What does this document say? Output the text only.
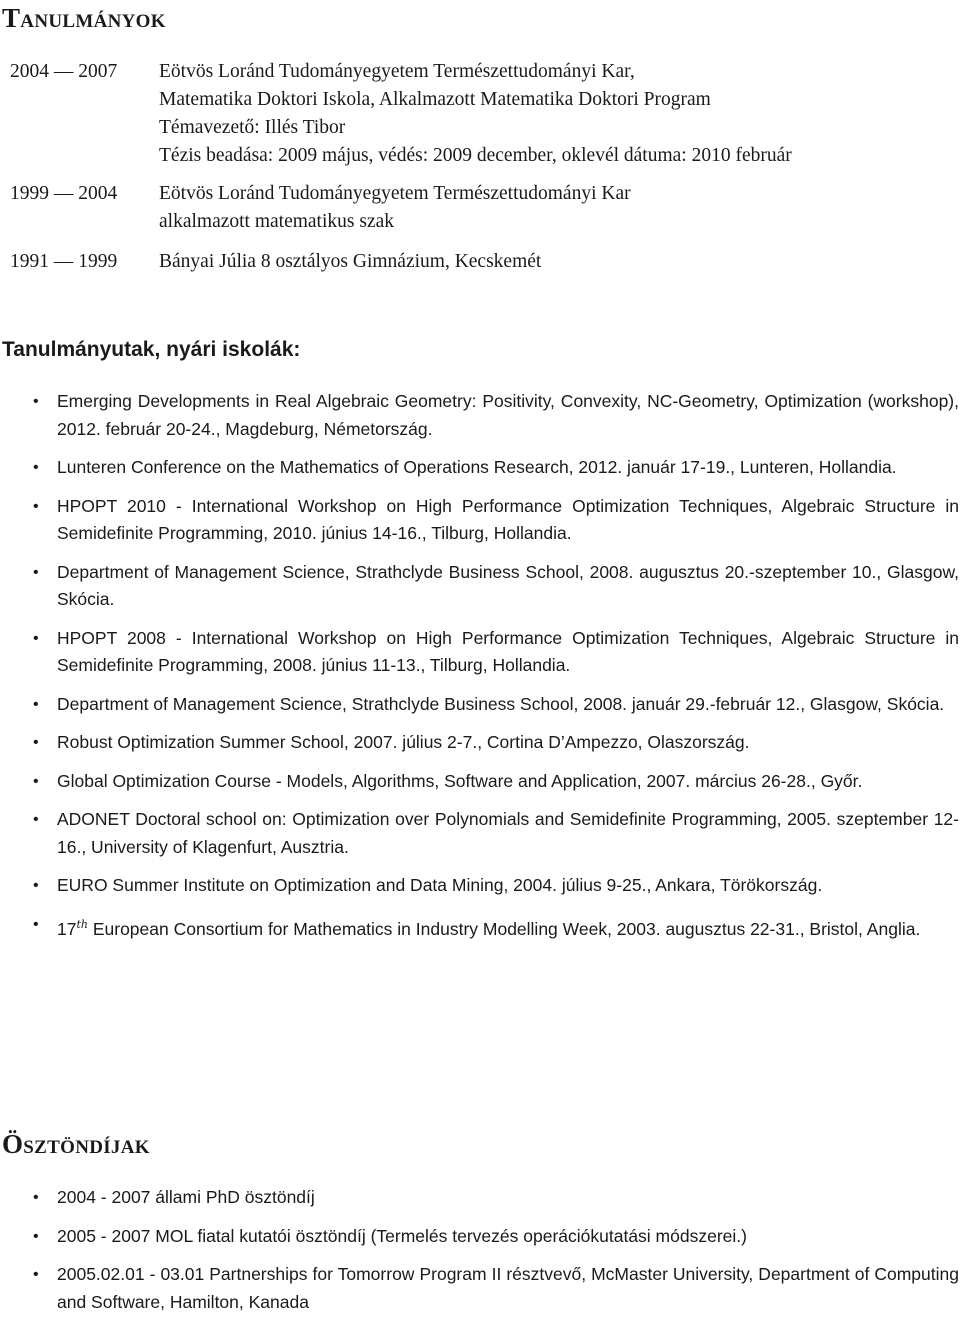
Tanulmányok
2004 — 2007	Eötvös Loránd Tudományegyetem Természettudományi Kar,
Matematika Doktori Iskola, Alkalmazott Matematika Doktori Program
Témavezető: Illés Tibor
Tézis beadása: 2009 május, védés: 2009 december, oklevél dátuma: 2010 február
1999 — 2004	Eötvös Loránd Tudományegyetem Természettudományi Kar
alkalmazott matematikus szak
1991 — 1999	Bányai Júlia 8 osztályos Gimnázium, Kecskemét
Tanulmányutak, nyári iskolák:
• Emerging Developments in Real Algebraic Geometry: Positivity, Convexity, NC-Geometry, Optimization (workshop), 2012. február 20-24., Magdeburg, Németország.
• Lunteren Conference on the Mathematics of Operations Research, 2012. január 17-19., Lunteren, Hollandia.
• HPOPT 2010 - International Workshop on High Performance Optimization Techniques, Algebraic Structure in Semidefinite Programming, 2010. június 14-16., Tilburg, Hollandia.
• Department of Management Science, Strathclyde Business School, 2008. augusztus 20.-szeptember 10., Glasgow, Skócia.
• HPOPT 2008 - International Workshop on High Performance Optimization Techniques, Algebraic Structure in Semidefinite Programming, 2008. június 11-13., Tilburg, Hollandia.
• Department of Management Science, Strathclyde Business School, 2008. január 29.-február 12., Glasgow, Skócia.
• Robust Optimization Summer School, 2007. július 2-7., Cortina D’Ampezzo, Olaszország.
• Global Optimization Course - Models, Algorithms, Software and Application, 2007. március 26-28., Győr.
• ADONET Doctoral school on: Optimization over Polynomials and Semidefinite Programming, 2005. szeptember 12-16., University of Klagenfurt, Ausztria.
• EURO Summer Institute on Optimization and Data Mining, 2004. július 9-25., Ankara, Törökország.
• 17th European Consortium for Mathematics in Industry Modelling Week, 2003. augusztus 22-31., Bristol, Anglia.
Ösztöndíjak
• 2004 - 2007 állami PhD ösztöndíj
• 2005 - 2007 MOL fiatal kutatói ösztöndíj (Termelés tervezés operációkutatási módszerei.)
• 2005.02.01 - 03.01 Partnerships for Tomorrow Program II résztvevő, McMaster University, Department of Computing and Software, Hamilton, Kanada
